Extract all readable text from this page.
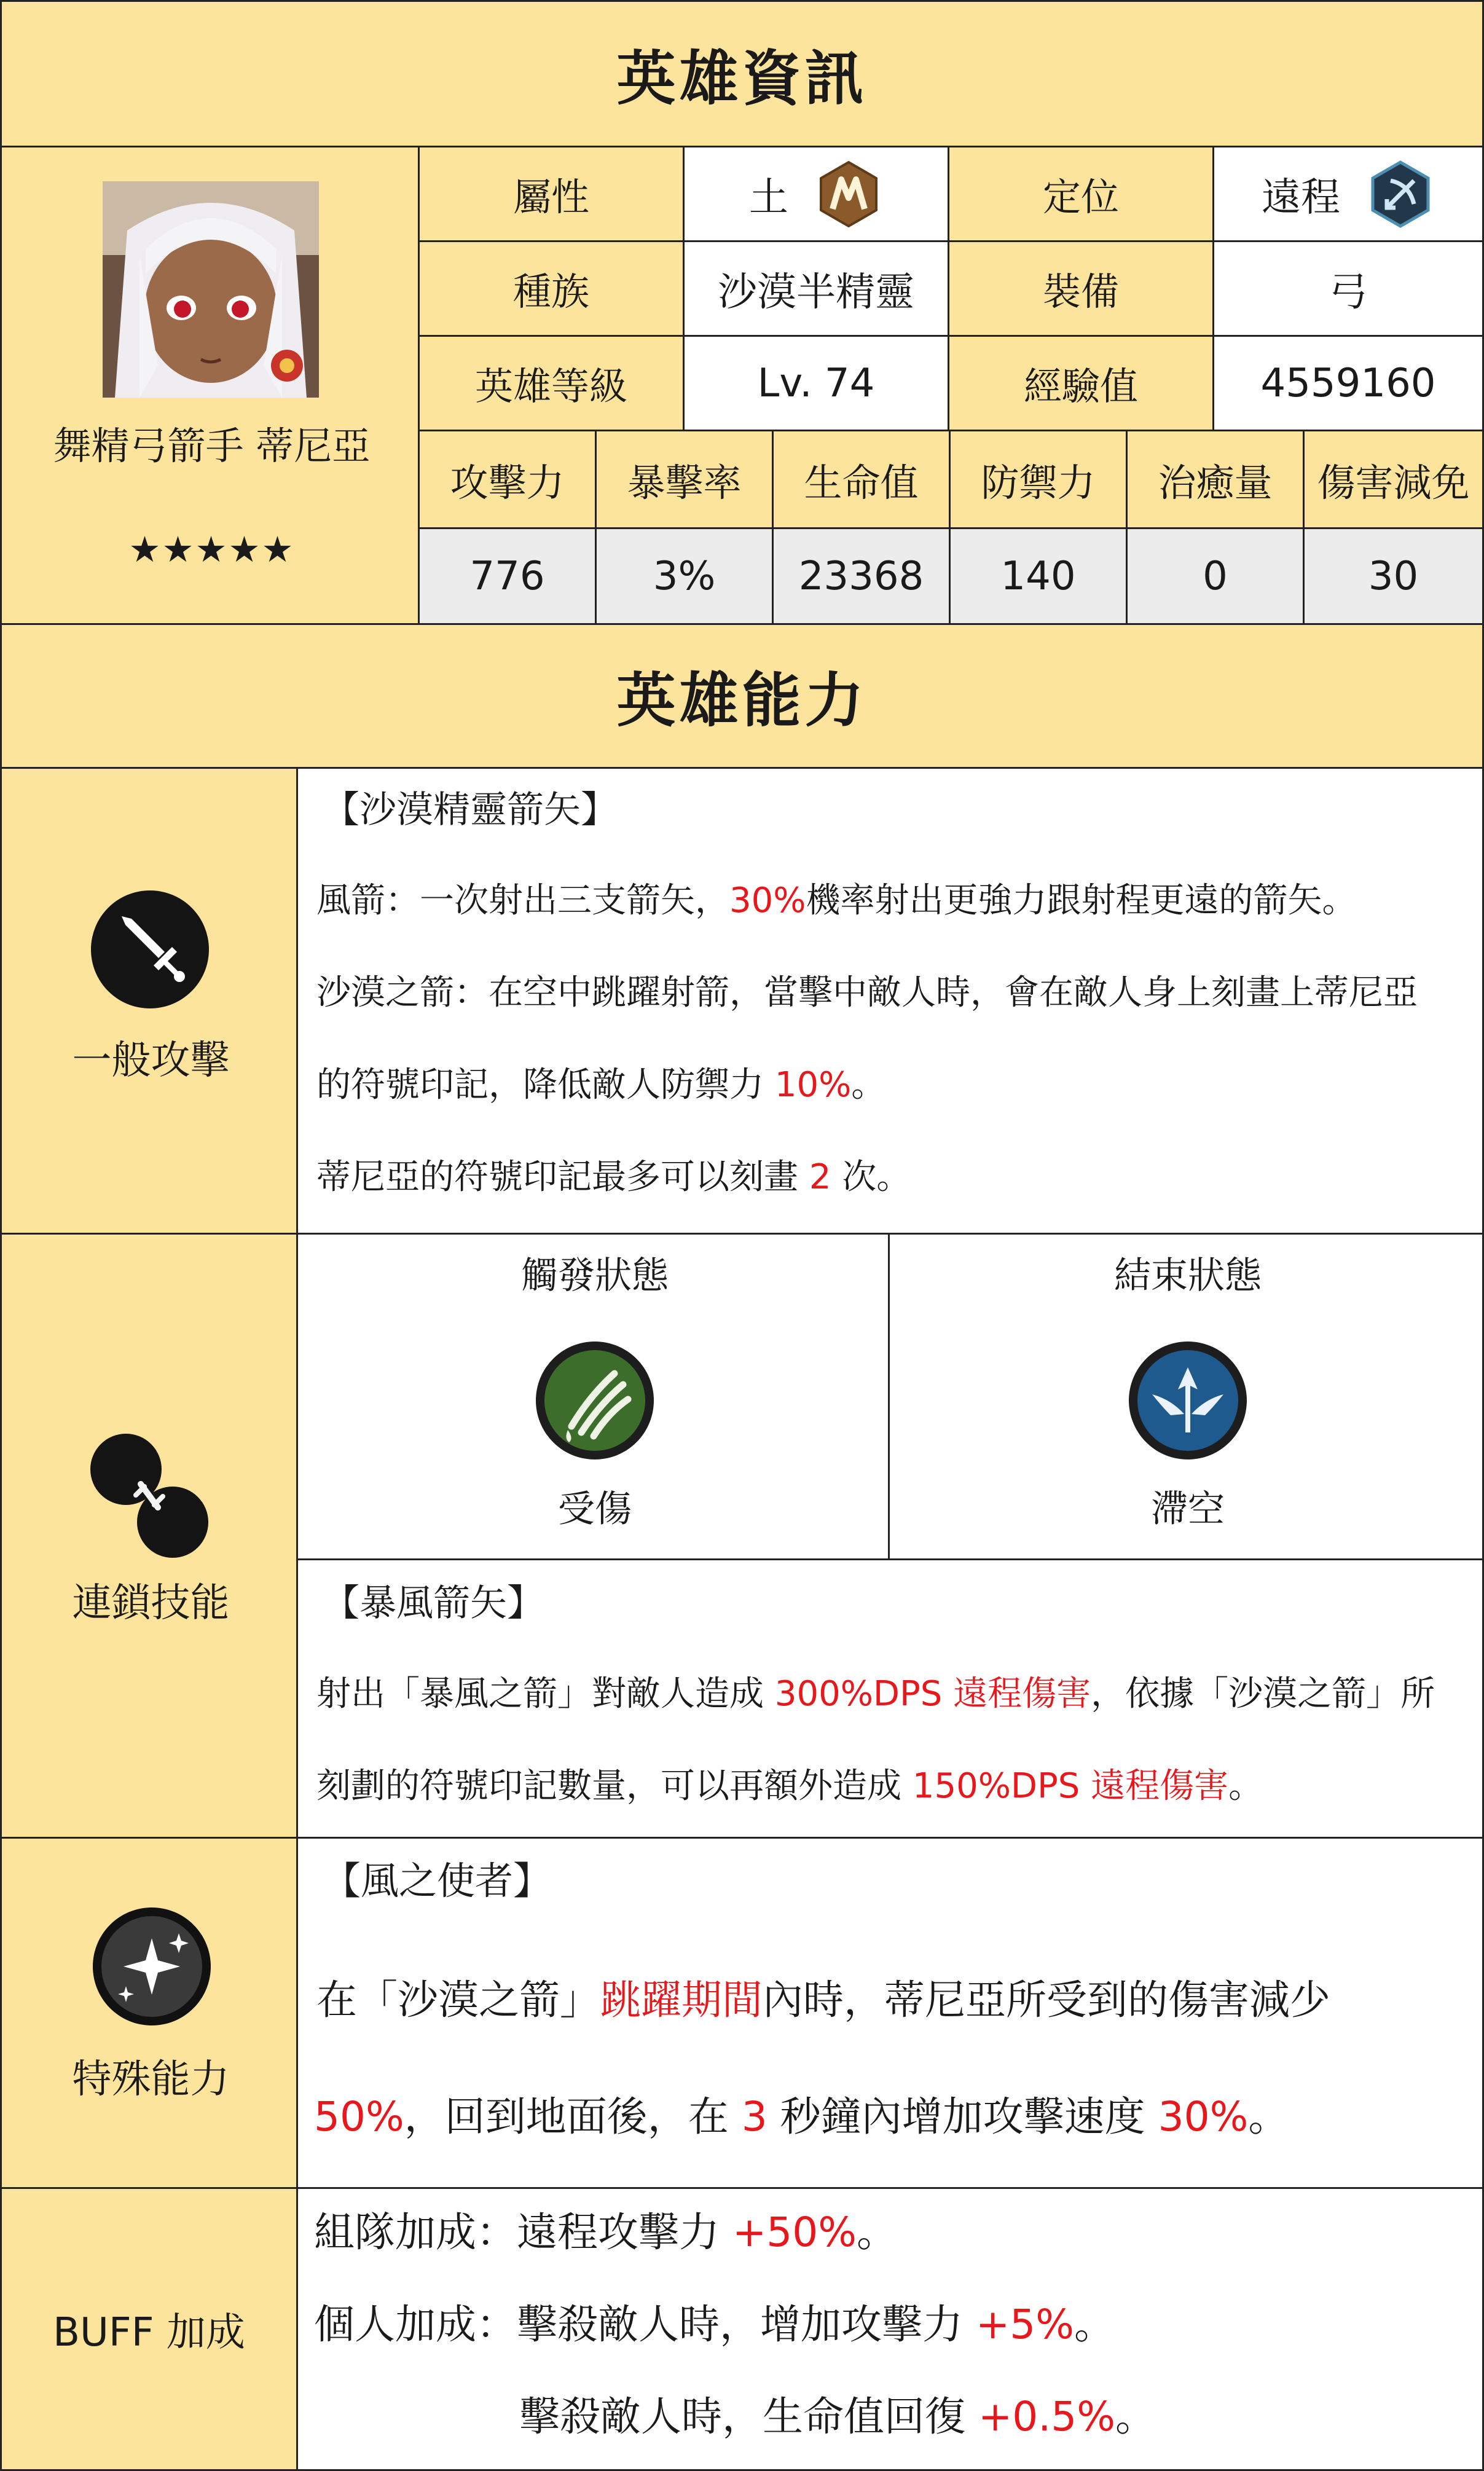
英雄資訊
舞精弓箭手 蒂尼亞
★★★★★
屬性	土	定位	遠程
種族	沙漠半精靈	裝備	弓
英雄等級	Lv. 74	經驗值	4559160
攻擊力	暴擊率	生命值	防禦力	治癒量	傷害減免
776	3%	23368	140	0	30
英雄能力
一般攻擊
【沙漠精靈箭矢】
風箭：一次射出三支箭矢，30%機率射出更強力跟射程更遠的箭矢。
沙漠之箭：在空中跳躍射箭，當擊中敵人時，會在敵人身上刻畫上蒂尼亞
的符號印記，降低敵人防禦力 10%。
蒂尼亞的符號印記最多可以刻畫 2 次。
連鎖技能
觸發狀態
受傷
結束狀態
滯空
【暴風箭矢】
射出「暴風之箭」對敵人造成 300%DPS 遠程傷害，依據「沙漠之箭」所
刻劃的符號印記數量，可以再額外造成 150%DPS 遠程傷害。
特殊能力
【風之使者】
在「沙漠之箭」跳躍期間內時，蒂尼亞所受到的傷害減少
50%，回到地面後，在 3 秒鐘內增加攻擊速度 30%。
BUFF 加成
組隊加成：遠程攻擊力 +50%。
個人加成：擊殺敵人時，增加攻擊力 +5%。
擊殺敵人時，生命值回復 +0.5%。
